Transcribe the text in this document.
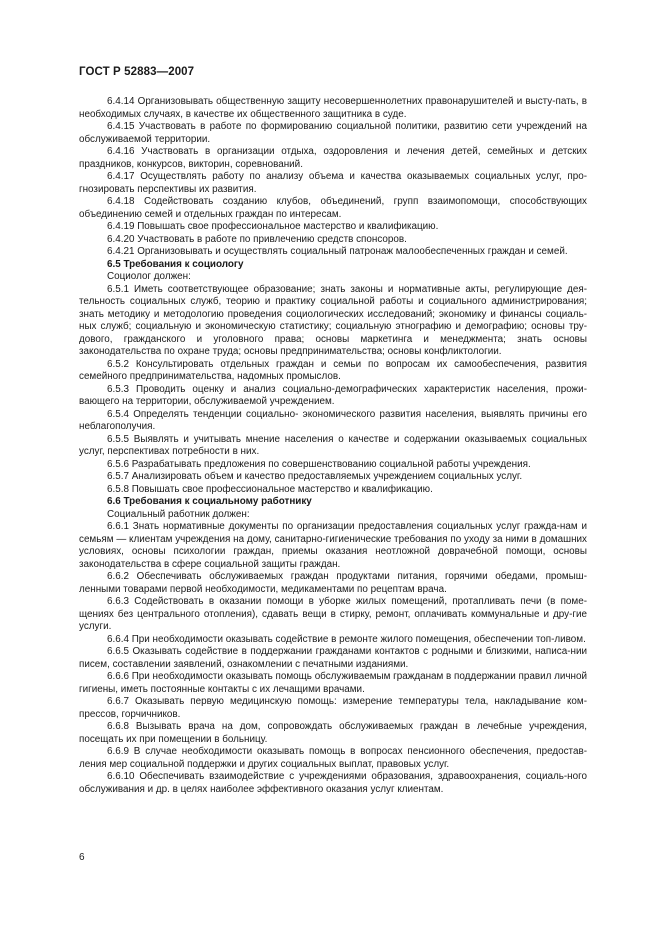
ГОСТ Р 52883—2007

6.4.14 Организовывать общественную защиту несовершеннолетних правонарушителей и высту-пать, в необходимых случаях, в качестве их общественного защитника в суде.

6.4.15 Участвовать в работе по формированию социальной политики, развитию сети учреждений на обслуживаемой территории.

6.4.16 Участвовать в организации отдыха, оздоровления и лечения детей, семейных и детских праздников, конкурсов, викторин, соревнований.

6.4.17 Осуществлять работу по анализу объема и качества оказываемых социальных услуг, про-гнозировать перспективы их развития.

6.4.18 Содействовать созданию клубов, объединений, групп взаимопомощи, способствующих объединению семей и отдельных граждан по интересам.

6.4.19 Повышать свое профессиональное мастерство и квалификацию.

6.4.20 Участвовать в работе по привлечению средств спонсоров.

6.4.21 Организовывать и осуществлять социальный патронаж малообеспеченных граждан и семей.

6.5 Требования к социологу

Социолог должен:

6.5.1 Иметь соответствующее образование; знать законы и нормативные акты, регулирующие дея-тельность социальных служб, теорию и практику социальной работы и социального администрирования; знать методику и методологию проведения социологических исследований; экономику и финансы социаль-ных служб; социальную и экономическую статистику; социальную этнографию и демографию; основы тру-дового, гражданского и уголовного права; основы маркетинга и менеджмента; знать основы законодательства по охране труда; основы предпринимательства; основы конфликтологии.

6.5.2 Консультировать отдельных граждан и семьи по вопросам их самообеспечения, развития семейного предпринимательства, надомных промыслов.

6.5.3 Проводить оценку и анализ социально-демографических характеристик населения, прожи-вающего на территории, обслуживаемой учреждением.

6.5.4 Определять тенденции социально- экономического развития населения, выявлять причины его неблагополучия.

6.5.5 Выявлять и учитывать мнение населения о качестве и содержании оказываемых социальных услуг, перспективах потребности в них.

6.5.6 Разрабатывать предложения по совершенствованию социальной работы учреждения.

6.5.7 Анализировать объем и качество предоставляемых учреждением социальных услуг.

6.5.8 Повышать свое профессиональное мастерство и квалификацию.

6.6 Требования к социальному работнику

Социальный работник должен:

6.6.1 Знать нормативные документы по организации предоставления социальных услуг гражда-нам и семьям — клиентам учреждения на дому, санитарно-гигиенические требования по уходу за ними в домашних условиях, основы психологии граждан, приемы оказания неотложной доврачебной помощи, основы законодательства в сфере социальной защиты граждан.

6.6.2 Обеспечивать обслуживаемых граждан продуктами питания, горячими обедами, промыш-ленными товарами первой необходимости, медикаментами по рецептам врача.

6.6.3 Содействовать в оказании помощи в уборке жилых помещений, протапливать печи (в поме-щениях без центрального отопления), сдавать вещи в стирку, ремонт, оплачивать коммунальные и дру-гие услуги.

6.6.4 При необходимости оказывать содействие в ремонте жилого помещения, обеспечении топ-ливом.

6.6.5 Оказывать содействие в поддержании гражданами контактов с родными и близкими, написа-нии писем, составлении заявлений, ознакомлении с печатными изданиями.

6.6.6 При необходимости оказывать помощь обслуживаемым гражданам в поддержании правил личной гигиены, иметь постоянные контакты с их лечащими врачами.

6.6.7 Оказывать первую медицинскую помощь: измерение температуры тела, накладывание ком-прессов, горчичников.

6.6.8 Вызывать врача на дом, сопровождать обслуживаемых граждан в лечебные учреждения, посещать их при помещении в больницу.

6.6.9 В случае необходимости оказывать помощь в вопросах пенсионного обеспечения, предостав-ления мер социальной поддержки и других социальных выплат, правовых услуг.

6.6.10 Обеспечивать взаимодействие с учреждениями образования, здравоохранения, социаль-ного обслуживания и др. в целях наиболее эффективного оказания услуг клиентам.

6
